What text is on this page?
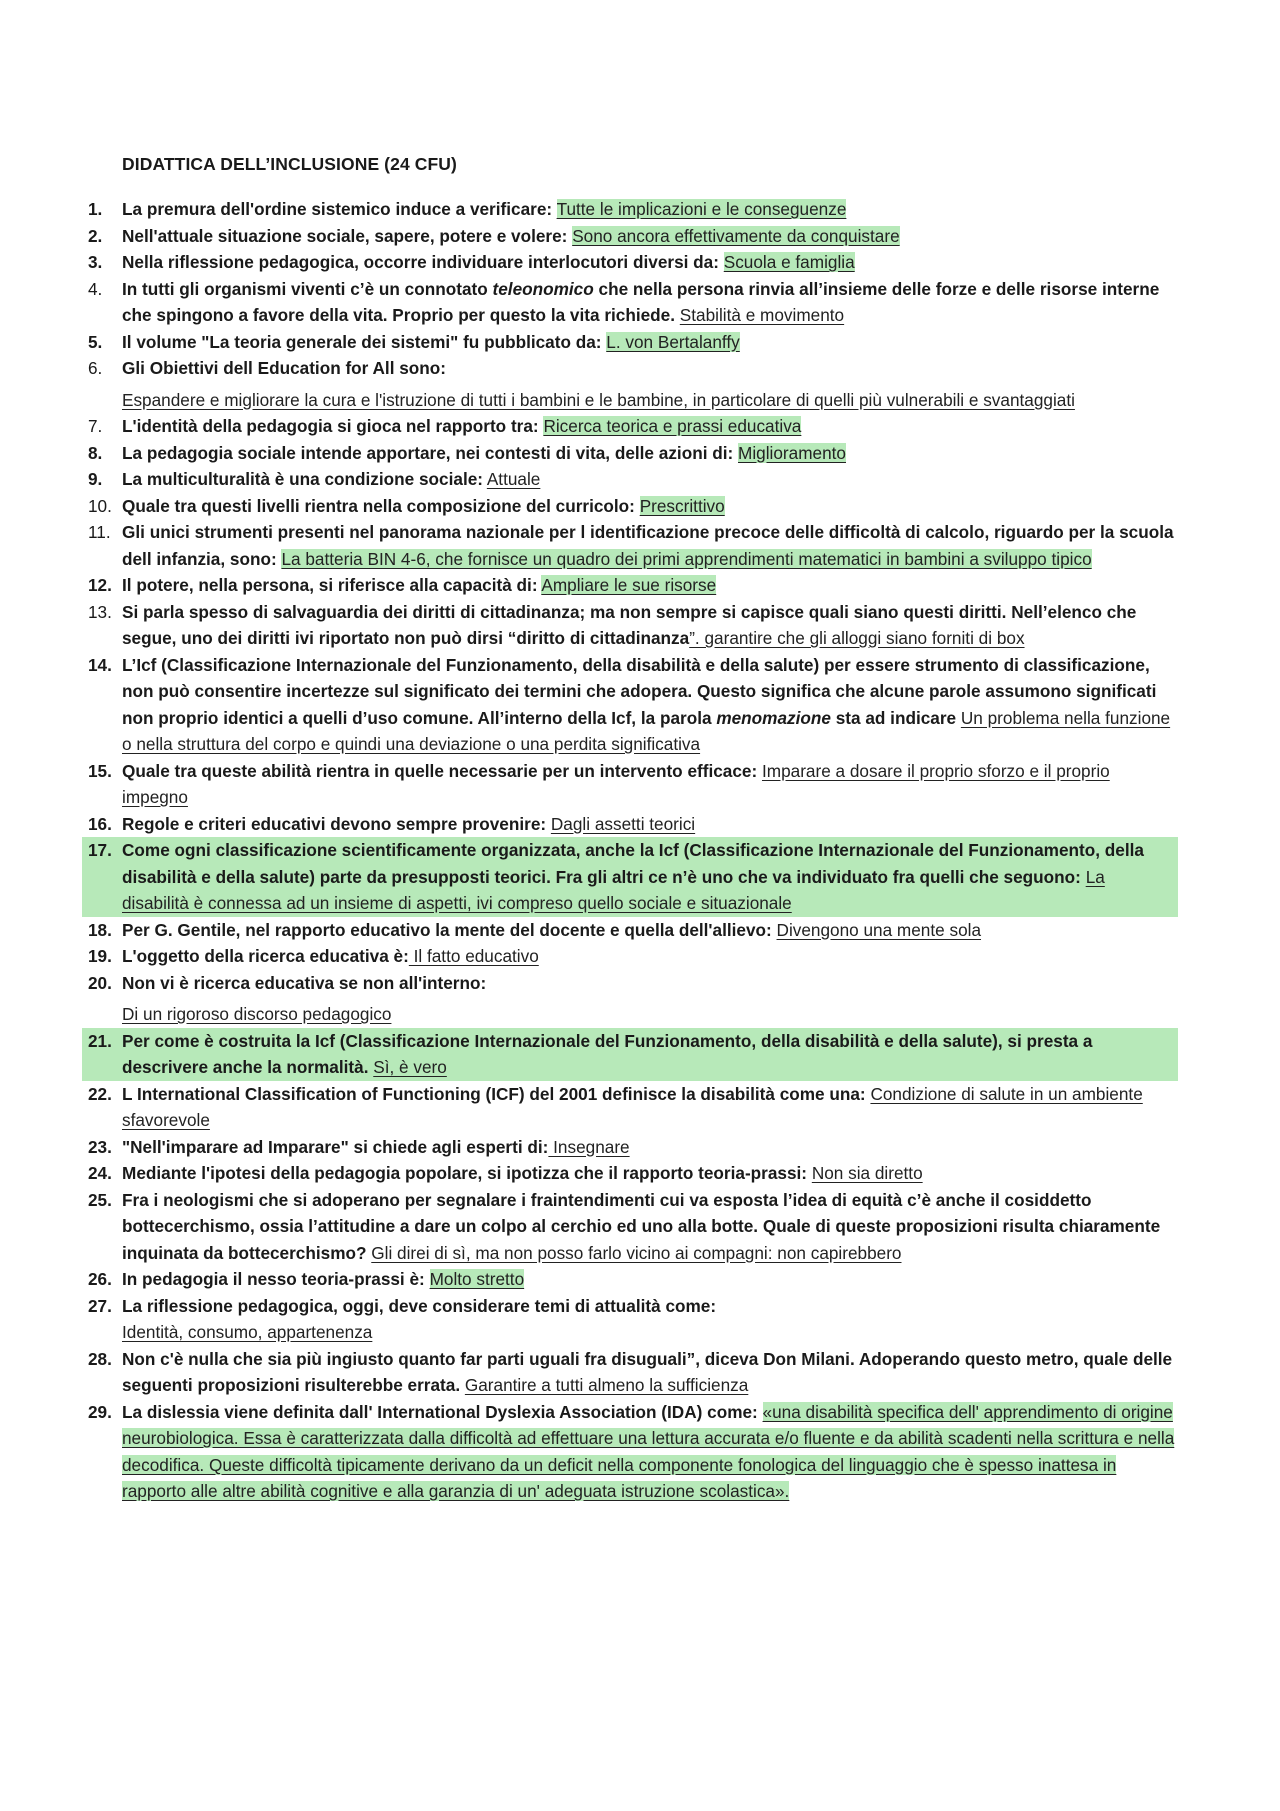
DIDATTICA DELL’INCLUSIONE (24 CFU)
1.	La premura dell'ordine sistemico induce a verificare: Tutte le implicazioni e le conseguenze
2.	Nell'attuale situazione sociale, sapere, potere e volere: Sono ancora effettivamente da conquistare
3.	Nella riflessione pedagogica, occorre individuare interlocutori diversi da: Scuola e famiglia
4.	In tutti gli organismi viventi c’è un connotato teleonomico che nella persona rinvia all’insieme delle forze e delle risorse interne che spingono a favore della vita. Proprio per questo la vita richiede. Stabilità e movimento
5.	Il volume "La teoria generale dei sistemi" fu pubblicato da: L. von Bertalanffy
6.	Gli Obiettivi dell Education for All sono:
Espandere e migliorare la cura e l'istruzione di tutti i bambini e le bambine, in particolare di quelli più vulnerabili e svantaggiati
7.	L'identità della pedagogia si gioca nel rapporto tra: Ricerca teorica e prassi educativa
8.	La pedagogia sociale intende apportare, nei contesti di vita, delle azioni di: Miglioramento
9.	La multiculturalità è una condizione sociale: Attuale
10. Quale tra questi livelli rientra nella composizione del curricolo: Prescrittivo
11. Gli unici strumenti presenti nel panorama nazionale per l identificazione precoce delle difficoltà di calcolo, riguardo per la scuola dell infanzia, sono: La batteria BIN 4-6, che fornisce un quadro dei primi apprendimenti matematici in bambini a sviluppo tipico
12. Il potere, nella persona, si riferisce alla capacità di: Ampliare le sue risorse
13. Si parla spesso di salvaguardia dei diritti di cittadinanza; ma non sempre si capisce quali siano questi diritti. Nell’elenco che segue, uno dei diritti ivi riportato non può dirsi “diritto di cittadinanza”. garantire che gli alloggi siano forniti di box
14. L’Icf (Classificazione Internazionale del Funzionamento, della disabilità e della salute) per essere strumento di classificazione, non può consentire incertezze sul significato dei termini che adopera. Questo significa che alcune parole assumono significati non proprio identici a quelli d’uso comune. All’interno della Icf, la parola menomazione sta ad indicare Un problema nella funzione o nella struttura del corpo e quindi una deviazione o una perdita significativa
15. Quale tra queste abilità rientra in quelle necessarie per un intervento efficace: Imparare a dosare il proprio sforzo e il proprio impegno
16. Regole e criteri educativi devono sempre provenire: Dagli assetti teorici
17. Come ogni classificazione scientificamente organizzata, anche la Icf (Classificazione Internazionale del Funzionamento, della disabilità e della salute) parte da presupposti teorici. Fra gli altri ce n’è uno che va individuato fra quelli che seguono: La disabilità è connessa ad un insieme di aspetti, ivi compreso quello sociale e situazionale
18. Per G. Gentile, nel rapporto educativo la mente del docente e quella dell'allievo: Divengono una mente sola
19. L'oggetto della ricerca educativa è: Il fatto educativo
20. Non vi è ricerca educativa se non all'interno:
Di un rigoroso discorso pedagogico
21. Per come è costruita la Icf (Classificazione Internazionale del Funzionamento, della disabilità e della salute), si presta a descrivere anche la normalità. Sì, è vero
22. L International Classification of Functioning (ICF) del 2001 definisce la disabilità come una: Condizione di salute in un ambiente sfavorevole
23. "Nell'imparare ad Imparare" si chiede agli esperti di: Insegnare
24. Mediante l'ipotesi della pedagogia popolare, si ipotizza che il rapporto teoria-prassi: Non sia diretto
25. Fra i neologismi che si adoperano per segnalare i fraintendimenti cui va esposta l’idea di equità c’è anche il cosiddetto bottecerchismo, ossia l’attitudine a dare un colpo al cerchio ed uno alla botte. Quale di queste proposizioni risulta chiaramente inquinata da bottecerchismo? Gli direi di sì, ma non posso farlo vicino ai compagni: non capirebbero
26. In pedagogia il nesso teoria-prassi è: Molto stretto
27. La riflessione pedagogica, oggi, deve considerare temi di attualità come:
Identità, consumo, appartenenza
28. Non c'è nulla che sia più ingiusto quanto far parti uguali fra disuguali”, diceva Don Milani. Adoperando questo metro, quale delle seguenti proposizioni risulterebbe errata. Garantire a tutti almeno la sufficienza
29. La dislessia viene definita dall' International Dyslexia Association (IDA) come: «una disabilità specifica dell' apprendimento di origine neurobiologica. Essa è caratterizzata dalla difficoltà ad effettuare una lettura accurata e/o fluente e da abilità scadenti nella scrittura e nella decodifica. Queste difficoltà tipicamente derivano da un deficit nella componente fonologica del linguaggio che è spesso inattesa in rapporto alle altre abilità cognitive e alla garanzia di un' adeguata istruzione scolastica».
